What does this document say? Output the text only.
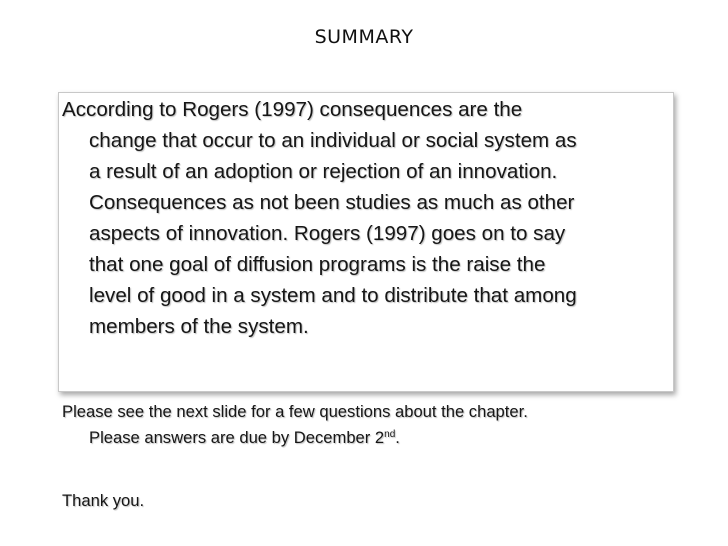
SUMMARY

According to Rogers (1997) consequences are the
change that occur to an individual or social system as
a result of an adoption or rejection of an innovation.
Consequences as not been studies as much as other
aspects of innovation. Rogers (1997) goes on to say
that one goal of diffusion programs is the raise the
level of good in a system and to distribute that among
members of the system.

Please see the next slide for a few questions about the chapter.
Please answers are due by December 2nd.

Thank you.
